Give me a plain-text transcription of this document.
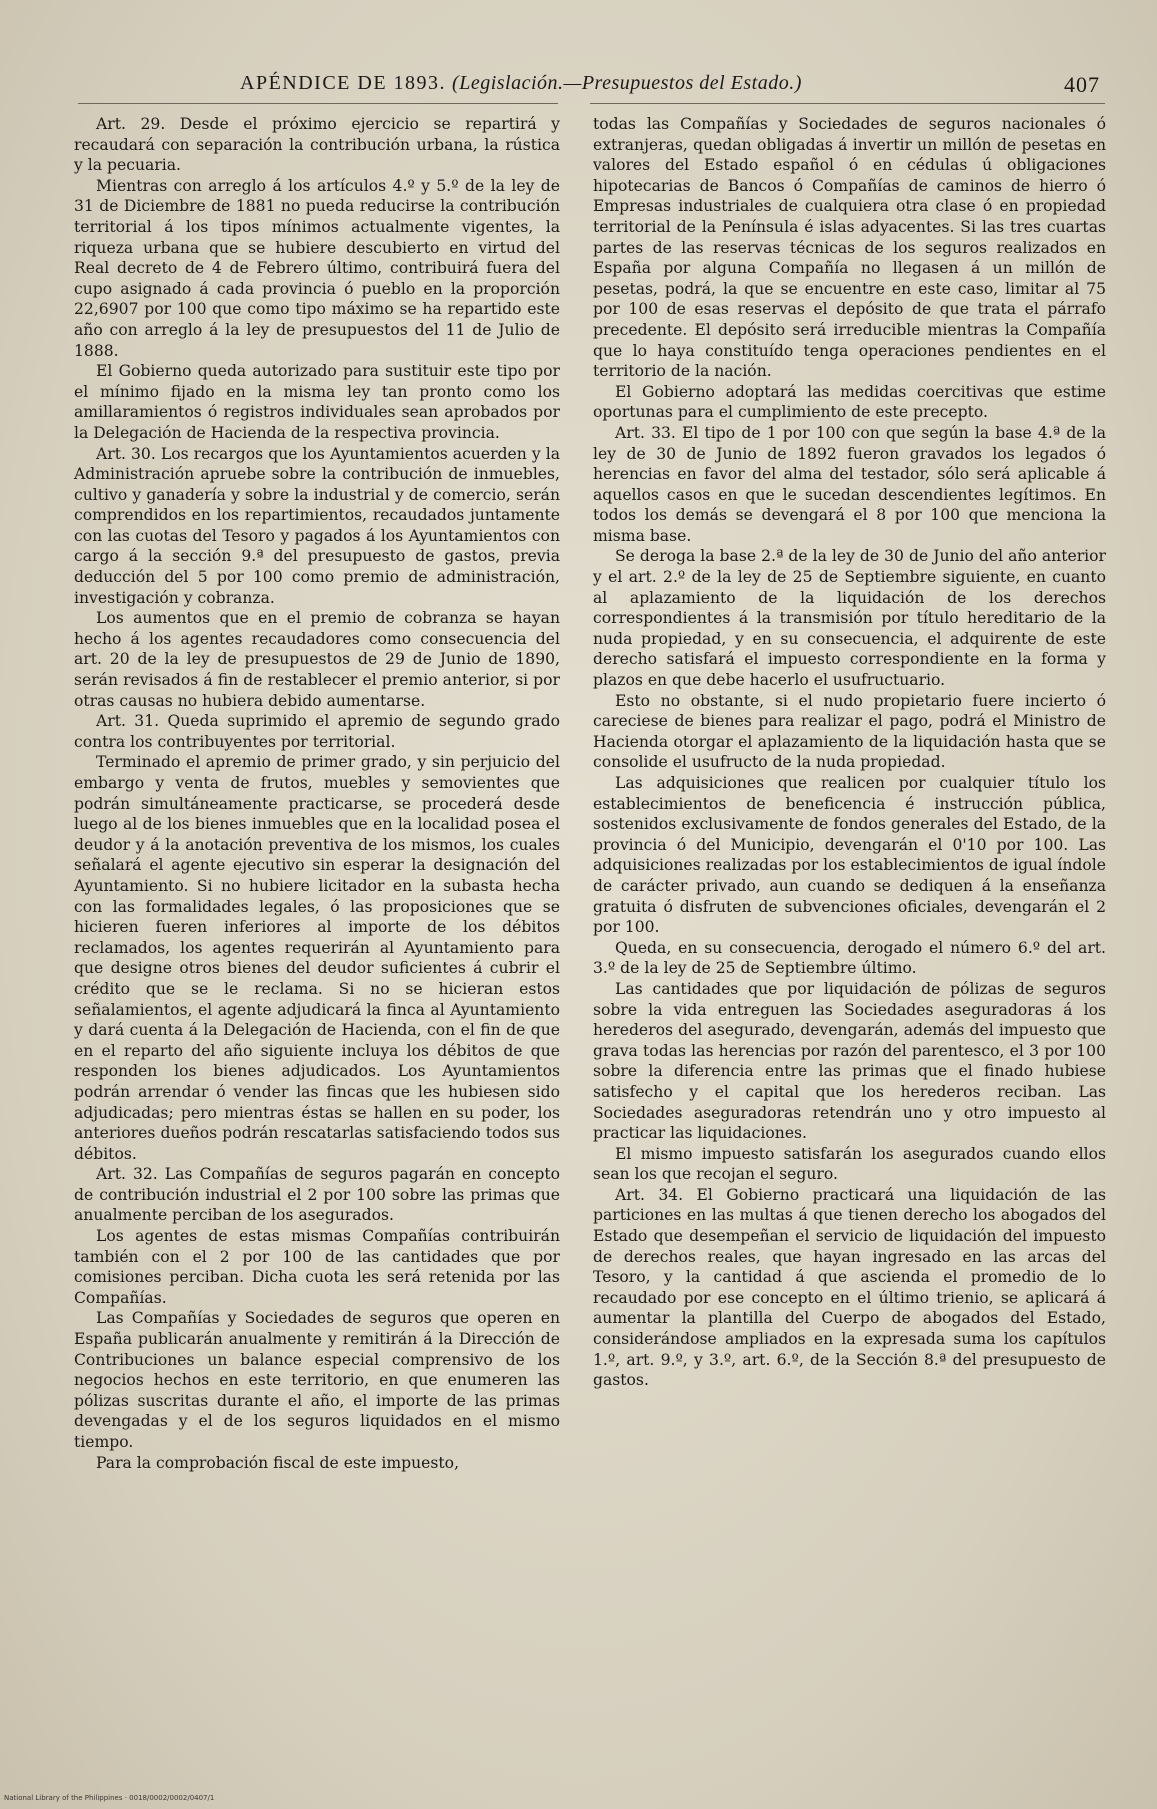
APÉNDICE DE 1893. (Legislación.—Presupuestos del Estado.)	407

Art. 29. Desde el próximo ejercicio se repartirá y recaudará con separación la contribución urbana, la rústica y la pecuaria.

Mientras con arreglo á los artículos 4.º y 5.º de la ley de 31 de Diciembre de 1881 no pueda reducirse la contribución territorial á los tipos mínimos actualmente vigentes, la riqueza urbana que se hubiere descubierto en virtud del Real decreto de 4 de Febrero último, contribuirá fuera del cupo asignado á cada provincia ó pueblo en la proporción 22,6907 por 100 que como tipo máximo se ha repartido este año con arreglo á la ley de presupuestos del 11 de Julio de 1888.

El Gobierno queda autorizado para sustituir este tipo por el mínimo fijado en la misma ley tan pronto como los amillaramientos ó registros individuales sean aprobados por la Delegación de Hacienda de la respectiva provincia.

Art. 30. Los recargos que los Ayuntamientos acuerden y la Administración apruebe sobre la contribución de inmuebles, cultivo y ganadería y sobre la industrial y de comercio, serán comprendidos en los repartimientos, recaudados juntamente con las cuotas del Tesoro y pagados á los Ayuntamientos con cargo á la sección 9.ª del presupuesto de gastos, previa deducción del 5 por 100 como premio de administración, investigación y cobranza.

Los aumentos que en el premio de cobranza se hayan hecho á los agentes recaudadores como consecuencia del art. 20 de la ley de presupuestos de 29 de Junio de 1890, serán revisados á fin de restablecer el premio anterior, si por otras causas no hubiera debido aumentarse.

Art. 31. Queda suprimido el apremio de segundo grado contra los contribuyentes por territorial.

Terminado el apremio de primer grado, y sin perjuicio del embargo y venta de frutos, muebles y semovientes que podrán simultáneamente practicarse, se procederá desde luego al de los bienes inmuebles que en la localidad posea el deudor y á la anotación preventiva de los mismos, los cuales señalará el agente ejecutivo sin esperar la designación del Ayuntamiento. Si no hubiere licitador en la subasta hecha con las formalidades legales, ó las proposiciones que se hicieren fueren inferiores al importe de los débitos reclamados, los agentes requerirán al Ayuntamiento para que designe otros bienes del deudor suficientes á cubrir el crédito que se le reclama. Si no se hicieran estos señalamientos, el agente adjudicará la finca al Ayuntamiento y dará cuenta á la Delegación de Hacienda, con el fin de que en el reparto del año siguiente incluya los débitos de que responden los bienes adjudicados. Los Ayuntamientos podrán arrendar ó vender las fincas que les hubiesen sido adjudicadas; pero mientras éstas se hallen en su poder, los anteriores dueños podrán rescatarlas satisfaciendo todos sus débitos.

Art. 32. Las Compañías de seguros pagarán en concepto de contribución industrial el 2 por 100 sobre las primas que anualmente perciban de los asegurados.

Los agentes de estas mismas Compañías contribuirán también con el 2 por 100 de las cantidades que por comisiones perciban. Dicha cuota les será retenida por las Compañías.

Las Compañías y Sociedades de seguros que operen en España publicarán anualmente y remitirán á la Dirección de Contribuciones un balance especial comprensivo de los negocios hechos en este territorio, en que enumeren las pólizas suscritas durante el año, el importe de las primas devengadas y el de los seguros liquidados en el mismo tiempo.

Para la comprobación fiscal de este impuesto,

todas las Compañías y Sociedades de seguros nacionales ó extranjeras, quedan obligadas á invertir un millón de pesetas en valores del Estado español ó en cédulas ú obligaciones hipotecarias de Bancos ó Compañías de caminos de hierro ó Empresas industriales de cualquiera otra clase ó en propiedad territorial de la Península é islas adyacentes. Si las tres cuartas partes de las reservas técnicas de los seguros realizados en España por alguna Compañía no llegasen á un millón de pesetas, podrá, la que se encuentre en este caso, limitar al 75 por 100 de esas reservas el depósito de que trata el párrafo precedente. El depósito será irreducible mientras la Compañía que lo haya constituído tenga operaciones pendientes en el territorio de la nación.

El Gobierno adoptará las medidas coercitivas que estime oportunas para el cumplimiento de este precepto.

Art. 33. El tipo de 1 por 100 con que según la base 4.ª de la ley de 30 de Junio de 1892 fueron gravados los legados ó herencias en favor del alma del testador, sólo será aplicable á aquellos casos en que le sucedan descendientes legítimos. En todos los demás se devengará el 8 por 100 que menciona la misma base.

Se deroga la base 2.ª de la ley de 30 de Junio del año anterior y el art. 2.º de la ley de 25 de Septiembre siguiente, en cuanto al aplazamiento de la liquidación de los derechos correspondientes á la transmisión por título hereditario de la nuda propiedad, y en su consecuencia, el adquirente de este derecho satisfará el impuesto correspondiente en la forma y plazos en que debe hacerlo el usufructuario.

Esto no obstante, si el nudo propietario fuere incierto ó careciese de bienes para realizar el pago, podrá el Ministro de Hacienda otorgar el aplazamiento de la liquidación hasta que se consolide el usufructo de la nuda propiedad.

Las adquisiciones que realicen por cualquier título los establecimientos de beneficencia é instrucción pública, sostenidos exclusivamente de fondos generales del Estado, de la provincia ó del Municipio, devengarán el 0'10 por 100. Las adquisiciones realizadas por los establecimientos de igual índole de carácter privado, aun cuando se dediquen á la enseñanza gratuita ó disfruten de subvenciones oficiales, devengarán el 2 por 100.

Queda, en su consecuencia, derogado el número 6.º del art. 3.º de la ley de 25 de Septiembre último.

Las cantidades que por liquidación de pólizas de seguros sobre la vida entreguen las Sociedades aseguradoras á los herederos del asegurado, devengarán, además del impuesto que grava todas las herencias por razón del parentesco, el 3 por 100 sobre la diferencia entre las primas que el finado hubiese satisfecho y el capital que los herederos reciban. Las Sociedades aseguradoras retendrán uno y otro impuesto al practicar las liquidaciones.

El mismo impuesto satisfarán los asegurados cuando ellos sean los que recojan el seguro.

Art. 34. El Gobierno practicará una liquidación de las particiones en las multas á que tienen derecho los abogados del Estado que desempeñan el servicio de liquidación del impuesto de derechos reales, que hayan ingresado en las arcas del Tesoro, y la cantidad á que ascienda el promedio de lo recaudado por ese concepto en el último trienio, se aplicará á aumentar la plantilla del Cuerpo de abogados del Estado, considerándose ampliados en la expresada suma los capítulos 1.º, art. 9.º, y 3.º, art. 6.º, de la Sección 8.ª del presupuesto de gastos.

National Library of the Philippines · 0018/0002/0002/0407/1
